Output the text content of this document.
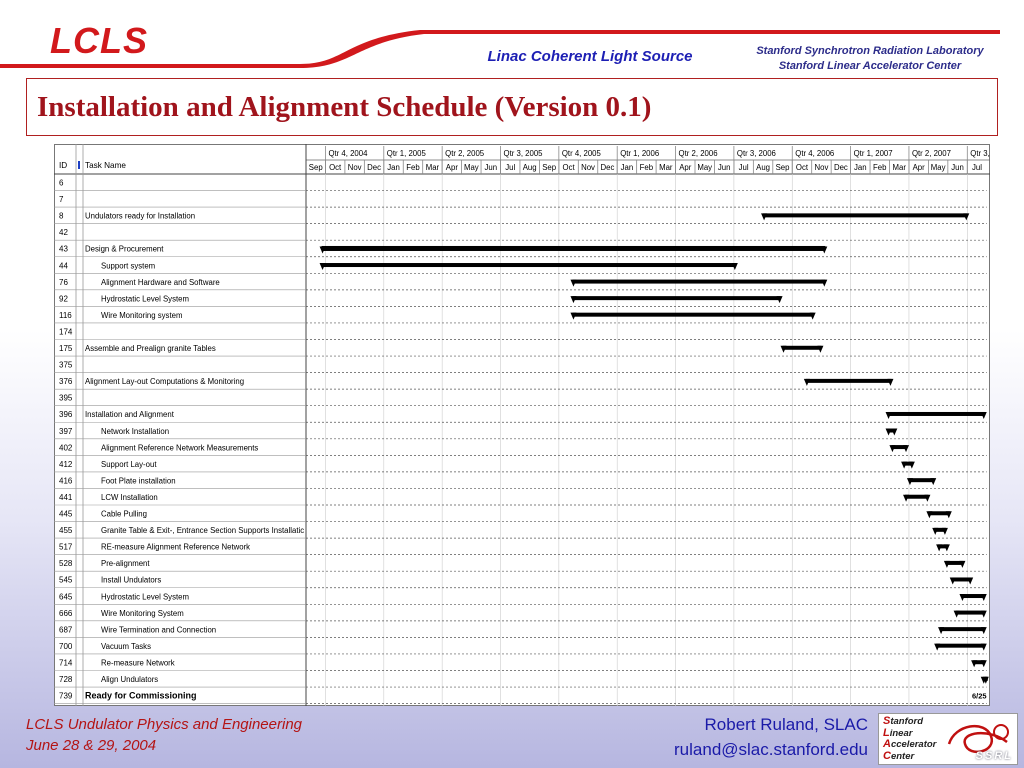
LCLS	Linac Coherent Light Source	Stanford Synchrotron Radiation Laboratory
Stanford Linear Accelerator Center
Installation and Alignment Schedule (Version 0.1)
ID Task Name
Qtr 4, 2004 Qtr 1, 2005 Qtr 2, 2005 Qtr 3, 2005 Qtr 4, 2005 Qtr 1, 2006 Qtr 2, 2006 Qtr 3, 2006 Qtr 4, 2006 Qtr 1, 2007 Qtr 2, 2007 Qtr 3,
Sep Oct Nov Dec Jan Feb Mar Apr May Jun Jul Aug Sep Oct Nov Dec Jan Feb Mar Apr May Jun Jul Aug Sep Oct Nov Dec Jan Feb Mar Apr May Jun Jul
6
7
8	Undulators ready for Installation
42
43 Design & Procurement
44	Support system
76	Alignment Hardware and Software
92	Hydrostatic Level System
116	Wire Monitoring system
174
175 Assemble and Prealign granite Tables
375
376 Alignment Lay-out Computations & Monitoring
395
396 Installation and Alignment
397	Network Installation
402	Alignment Reference Network Measurements
412	Support Lay-out
416	Foot Plate installation
441	LCW Installation
445	Cable Pulling
455	Granite Table & Exit-, Entrance Section Supports Installatic
517	RE-measure Alignment Reference Network
528	Pre-alignment
545	Install Undulators
645	Hydrostatic Level System
666	Wire Monitoring System
687	Wire Termination and Connection
700	Vacuum Tasks
714	Re-measure Network
728	Align Undulators
739 Ready for Commissioning	6/25
LCLS Undulator Physics and Engineering
June 28 & 29, 2004
Robert Ruland, SLAC
ruland@slac.stanford.edu
Stanford
Linear
Accelerator
Center	SSRL
